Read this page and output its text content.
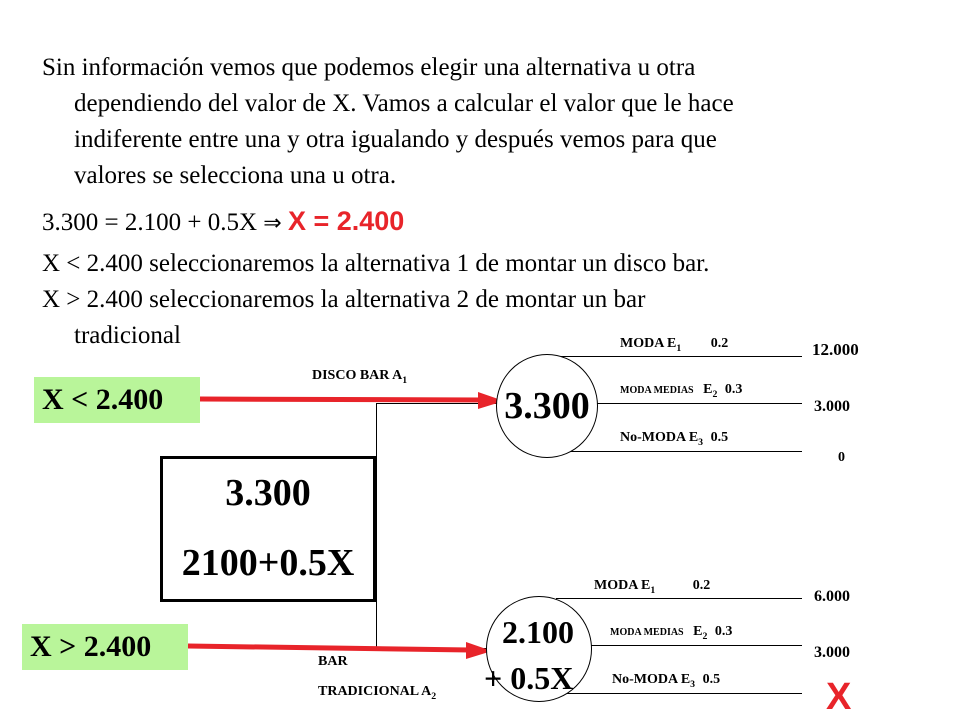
Sin información vemos que podemos elegir una alternativa u otra
dependiendo del valor de X. Vamos a calcular el valor que le hace
indiferente entre una y otra igualando y después vemos para que
valores se selecciona una u otra.
3.300 = 2.100 + 0.5X ⇒ X = 2.400
X < 2.400 seleccionaremos la alternativa 1 de montar un disco bar.
X > 2.400 seleccionaremos la alternativa 2 de montar un bar
tradicional
X < 2.400
X > 2.400
3.300
2100+0.5X
DISCO BAR $A_1$
BAR
TRADICIONAL $A_2$
3.300
MODA $E_1$ 0.2	12.000
MODA MEDIAS $E_2$ 0.3
3.000
No-MODA $E_3$ 0.5
0
2.100
+ 0.5X
MODA $E_1$	0.2
6.000
MODA MEDIAS $E_2$ 0.3
3.000
No-MODA $E_3$ 0.5	X
